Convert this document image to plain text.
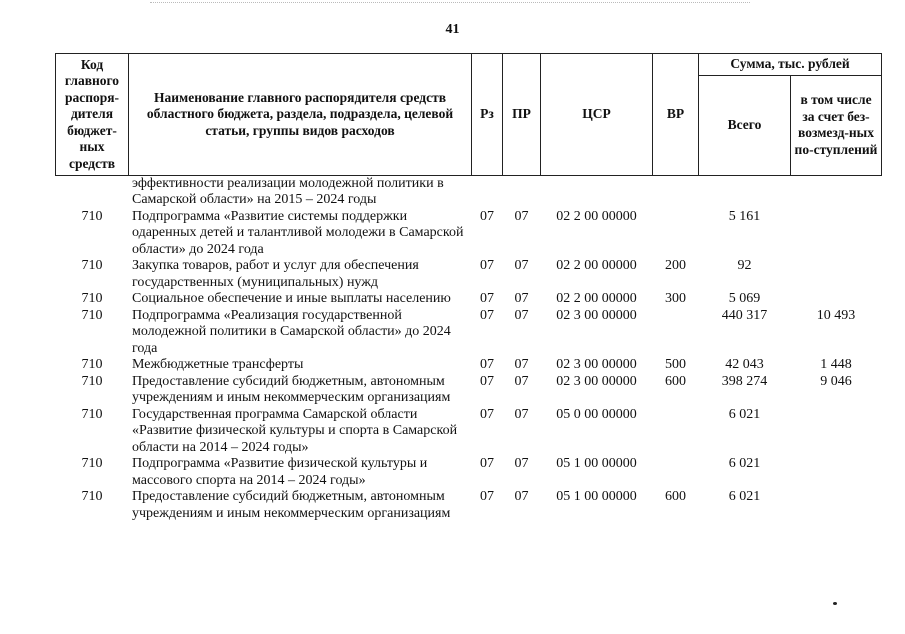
41
Код главного распоря-дителя бюджет-ных средств	Наименование главного распорядителя средств областного бюджета, раздела, подраздела, целевой статьи, группы видов расходов	Рз	ПР	ЦСР	ВР	Сумма, тыс. рублей	
						Всего	в том числе за счет без-возмезд-ных по-ступлений
	эффективности реализации молодежной политики в Самарской области» на 2015 – 2024 годы						
710	Подпрограмма «Развитие системы поддержки одаренных детей и талантливой молодежи в Самарской области» до 2024 года	07	07	02 2 00 00000		5 161	
710	Закупка товаров, работ и услуг для обеспечения государственных (муниципальных) нужд	07	07	02 2 00 00000	200	92	
710	Социальное обеспечение и иные выплаты населению	07	07	02 2 00 00000	300	5 069	
710	Подпрограмма «Реализация государственной молодежной политики в Самарской области» до 2024 года	07	07	02 3 00 00000		440 317	10 493
710	Межбюджетные трансферты	07	07	02 3 00 00000	500	42 043	1 448
710	Предоставление субсидий бюджетным, автономным учреждениям и иным некоммерческим организациям	07	07	02 3 00 00000	600	398 274	9 046
710	Государственная программа Самарской области «Развитие физической культуры и спорта в Самарской области на 2014 – 2024 годы»	07	07	05 0 00 00000		6 021	
710	Подпрограмма «Развитие физической культуры и массового спорта на 2014 – 2024 годы»	07	07	05 1 00 00000		6 021	
710	Предоставление субсидий бюджетным, автономным учреждениям и иным некоммерческим организациям	07	07	05 1 00 00000	600	6 021	
